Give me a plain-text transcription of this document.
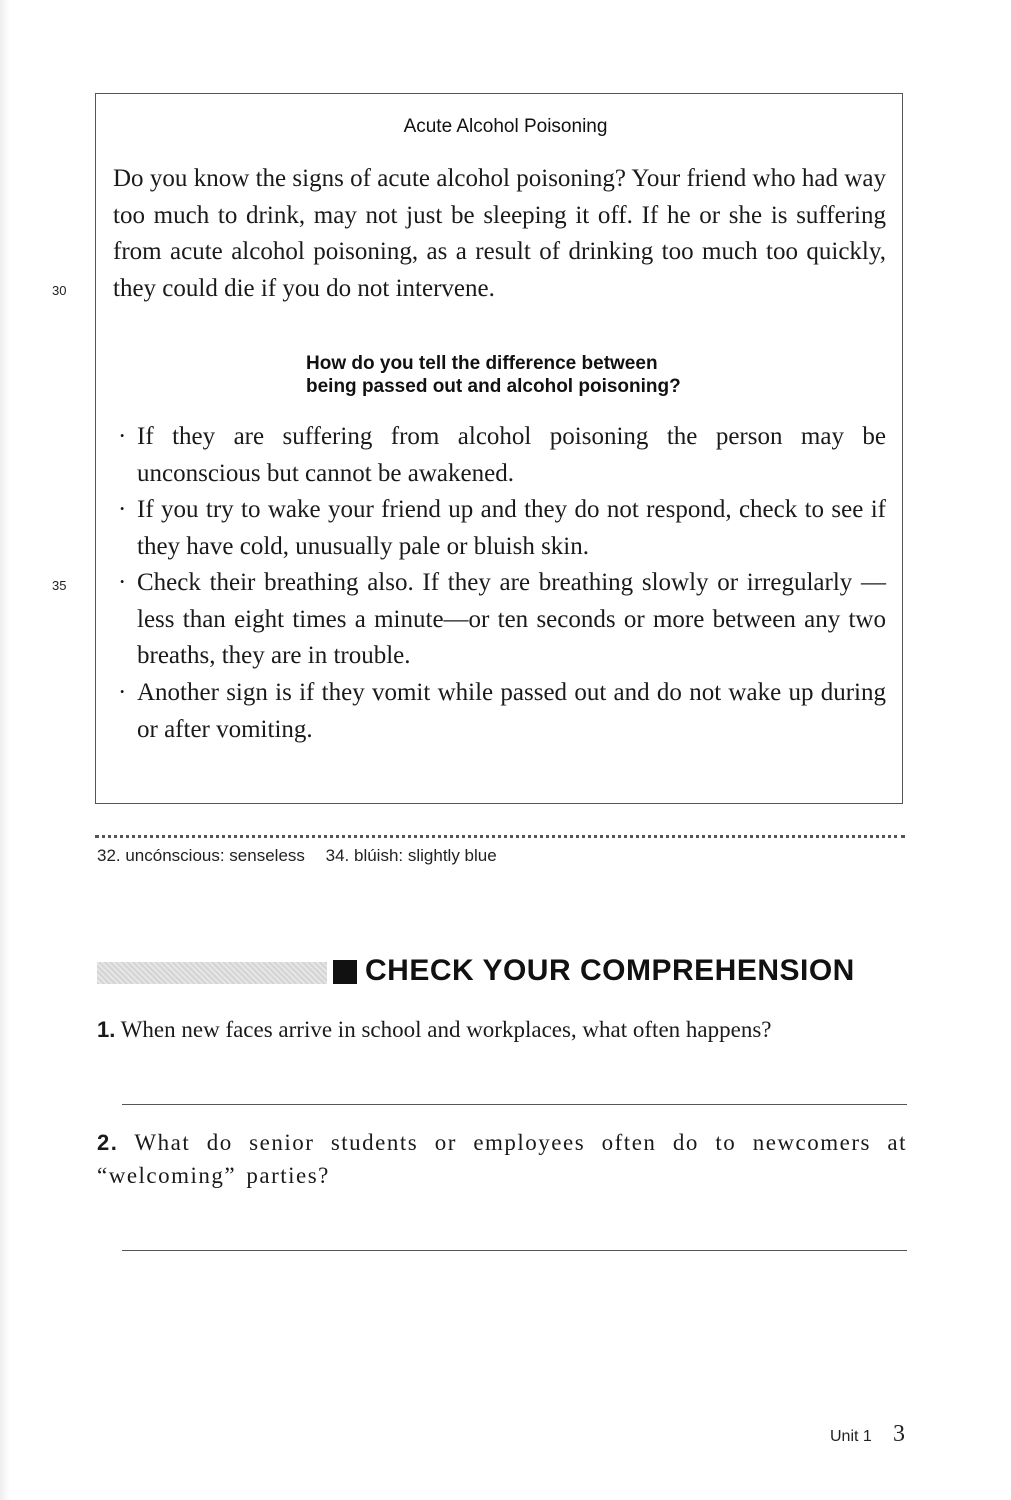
30
35
Acute Alcohol Poisoning
Do you know the signs of acute alcohol poisoning? Your friend who had way too much to drink, may not just be sleeping it off. If he or she is suffering from acute alcohol poisoning, as a result of drinking too much too quickly, they could die if you do not intervene.
How do you tell the difference between
being passed out and alcohol poisoning?
· If they are suffering from alcohol poisoning the person may be unconscious but cannot be awakened.
· If you try to wake your friend up and they do not respond, check to see if they have cold, unusually pale or bluish skin.
· Check their breathing also. If they are breathing slowly or irregularly —less than eight times a minute—or ten seconds or more between any two breaths, they are in trouble.
· Another sign is if they vomit while passed out and do not wake up during or after vomiting.
32. uncónscious: senseless 34. blúish: slightly blue
CHECK YOUR COMPREHENSION
1. When new faces arrive in school and workplaces, what often happens?
2. What do senior students or employees often do to newcomers at “welcoming” parties?
Unit 1 3
